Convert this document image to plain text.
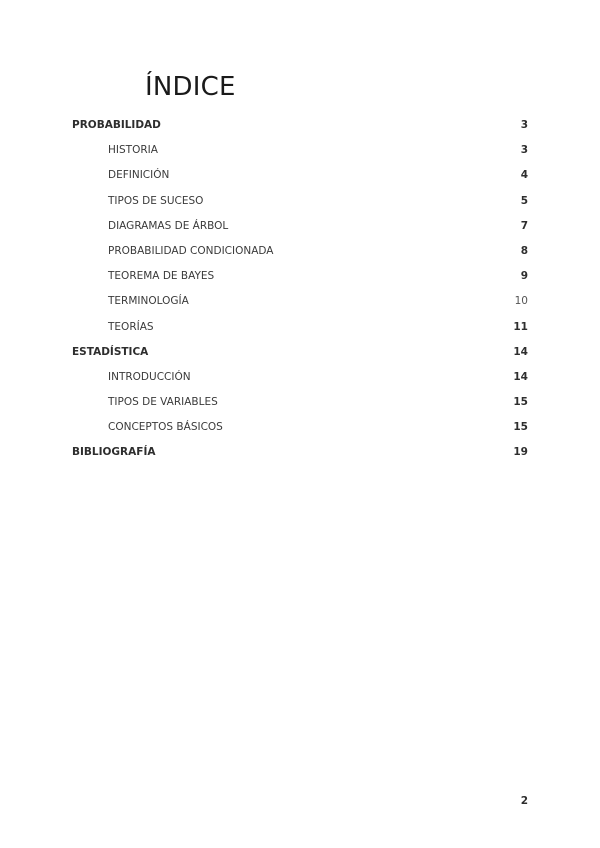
ÍNDICE
PROBABILIDAD	3
HISTORIA	3
DEFINICIÓN	4
TIPOS DE SUCESO	5
DIAGRAMAS DE ÁRBOL	7
PROBABILIDAD CONDICIONADA	8
TEOREMA DE BAYES	9
TERMINOLOGÍA	10
TEORÍAS	11
ESTADÍSTICA	14
INTRODUCCIÓN	14
TIPOS DE VARIABLES	15
CONCEPTOS BÁSICOS	15
BIBLIOGRAFÍA	19
2
